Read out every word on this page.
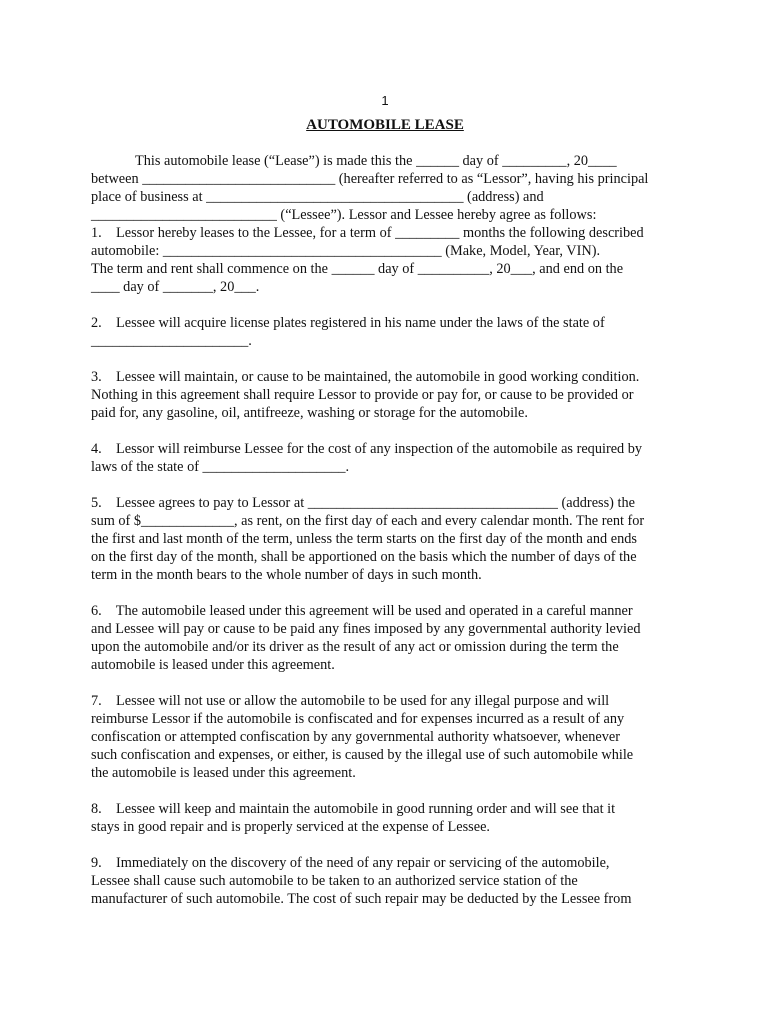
1
AUTOMOBILE LEASE

This automobile lease (“Lease”) is made this the ______ day of _________, 20____
between ___________________________ (hereafter referred to as “Lessor”, having his principal
place of business at ____________________________________ (address) and
__________________________ (“Lessee”). Lessor and Lessee hereby agree as follows:

1.    Lessor hereby leases to the Lessee, for a term of _________ months the following described
automobile: _______________________________________ (Make, Model, Year, VIN).
The term and rent shall commence on the ______ day of __________, 20___, and end on the
____ day of _______, 20___.

2.    Lessee will acquire license plates registered in his name under the laws of the state of
______________________.

3.    Lessee will maintain, or cause to be maintained, the automobile in good working condition.
Nothing in this agreement shall require Lessor to provide or pay for, or cause to be provided or
paid for, any gasoline, oil, antifreeze, washing or storage for the automobile.

4.    Lessor will reimburse Lessee for the cost of any inspection of the automobile as required by
laws of the state of ____________________.

5.    Lessee agrees to pay to Lessor at ___________________________________ (address) the
sum of $_____________, as rent, on the first day of each and every calendar month. The rent for
the first and last month of the term, unless the term starts on the first day of the month and ends
on the first day of the month, shall be apportioned on the basis which the number of days of the
term in the month bears to the whole number of days in such month.

6.    The automobile leased under this agreement will be used and operated in a careful manner
and Lessee will pay or cause to be paid any fines imposed by any governmental authority levied
upon the automobile and/or its driver as the result of any act or omission during the term the
automobile is leased under this agreement.

7.    Lessee will not use or allow the automobile to be used for any illegal purpose and will
reimburse Lessor if the automobile is confiscated and for expenses incurred as a result of any
confiscation or attempted confiscation by any governmental authority whatsoever, whenever
such confiscation and expenses, or either, is caused by the illegal use of such automobile while
the automobile is leased under this agreement.

8.    Lessee will keep and maintain the automobile in good running order and will see that it
stays in good repair and is properly serviced at the expense of Lessee.

9.    Immediately on the discovery of the need of any repair or servicing of the automobile,
Lessee shall cause such automobile to be taken to an authorized service station of the
manufacturer of such automobile. The cost of such repair may be deducted by the Lessee from
